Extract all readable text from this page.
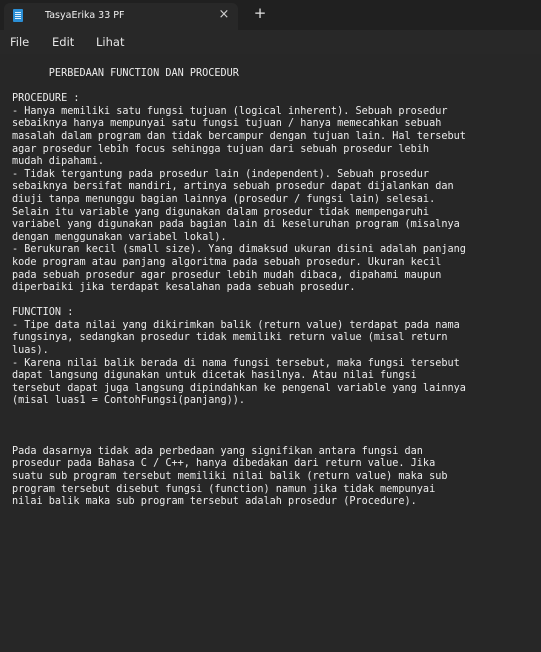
TasyaErika 33 PF	× +
File Edit Lihat
PERBEDAAN FUNCTION DAN PROCEDUR

PROCEDURE :
- Hanya memiliki satu fungsi tujuan (logical inherent). Sebuah prosedur
sebaiknya hanya mempunyai satu fungsi tujuan / hanya memecahkan sebuah
masalah dalam program dan tidak bercampur dengan tujuan lain. Hal tersebut
agar prosedur lebih focus sehingga tujuan dari sebuah prosedur lebih
mudah dipahami.
- Tidak tergantung pada prosedur lain (independent). Sebuah prosedur
sebaiknya bersifat mandiri, artinya sebuah prosedur dapat dijalankan dan
diuji tanpa menunggu bagian lainnya (prosedur / fungsi lain) selesai.
Selain itu variable yang digunakan dalam prosedur tidak mempengaruhi
variabel yang digunakan pada bagian lain di keseluruhan program (misalnya
dengan menggunakan variabel lokal).
- Berukuran kecil (small size). Yang dimaksud ukuran disini adalah panjang
kode program atau panjang algoritma pada sebuah prosedur. Ukuran kecil
pada sebuah prosedur agar prosedur lebih mudah dibaca, dipahami maupun
diperbaiki jika terdapat kesalahan pada sebuah prosedur.

FUNCTION :
- Tipe data nilai yang dikirimkan balik (return value) terdapat pada nama
fungsinya, sedangkan prosedur tidak memiliki return value (misal return
luas).
- Karena nilai balik berada di nama fungsi tersebut, maka fungsi tersebut
dapat langsung digunakan untuk dicetak hasilnya. Atau nilai fungsi
tersebut dapat juga langsung dipindahkan ke pengenal variable yang lainnya
(misal luas1 = ContohFungsi(panjang)).

Pada dasarnya tidak ada perbedaan yang signifikan antara fungsi dan
prosedur pada Bahasa C / C++, hanya dibedakan dari return value. Jika
suatu sub program tersebut memiliki nilai balik (return value) maka sub
program tersebut disebut fungsi (function) namun jika tidak mempunyai
nilai balik maka sub program tersebut adalah prosedur (Procedure).
